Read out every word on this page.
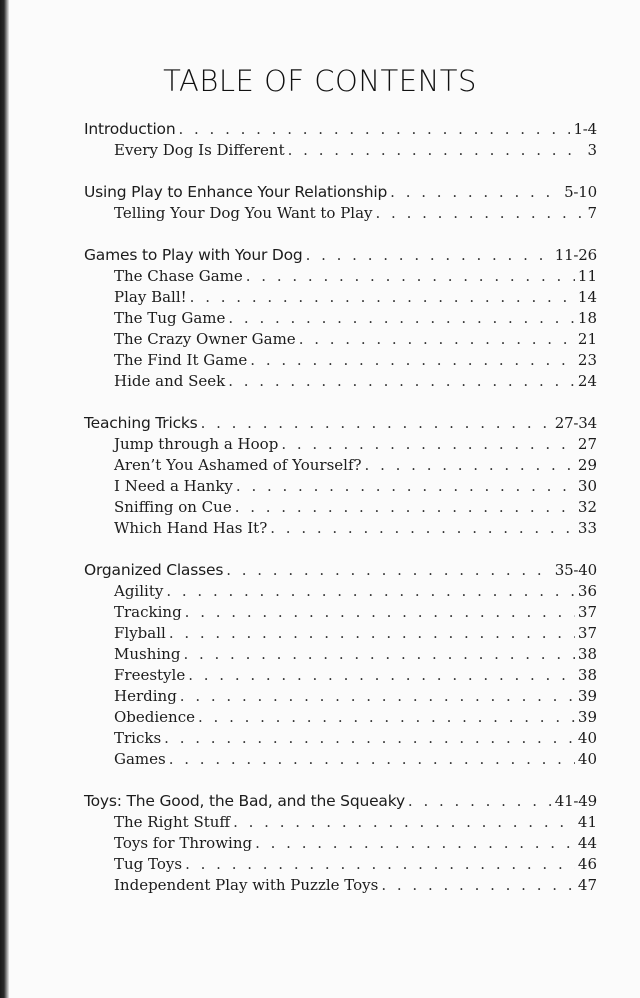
TABLE OF CONTENTS
Introduction . . .	1-4
Every Dog Is Different . . .	3
Using Play to Enhance Your Relationship . . .	5-10
Telling Your Dog You Want to Play . . .	7
Games to Play with Your Dog . . .	11-26
The Chase Game . . .	11
Play Ball! . . .	14
The Tug Game . . .	18
The Crazy Owner Game . . .	21
The Find It Game . . .	23
Hide and Seek . . .	24
Teaching Tricks . . .	27-34
Jump through a Hoop . . .	27
Aren’t You Ashamed of Yourself? . . .	29
I Need a Hanky . . .	30
Sniffing on Cue . . .	32
Which Hand Has It? . . .	33
Organized Classes . . .	35-40
Agility . . .	36
Tracking . . .	37
Flyball . . .	37
Mushing . . .	38
Freestyle . . .	38
Herding . . .	39
Obedience . . .	39
Tricks . . .	40
Games . . .	40
Toys: The Good, the Bad, and the Squeaky . . .	41-49
The Right Stuff . . .	41
Toys for Throwing . . .	44
Tug Toys . . .	46
Independent Play with Puzzle Toys . . .	47
